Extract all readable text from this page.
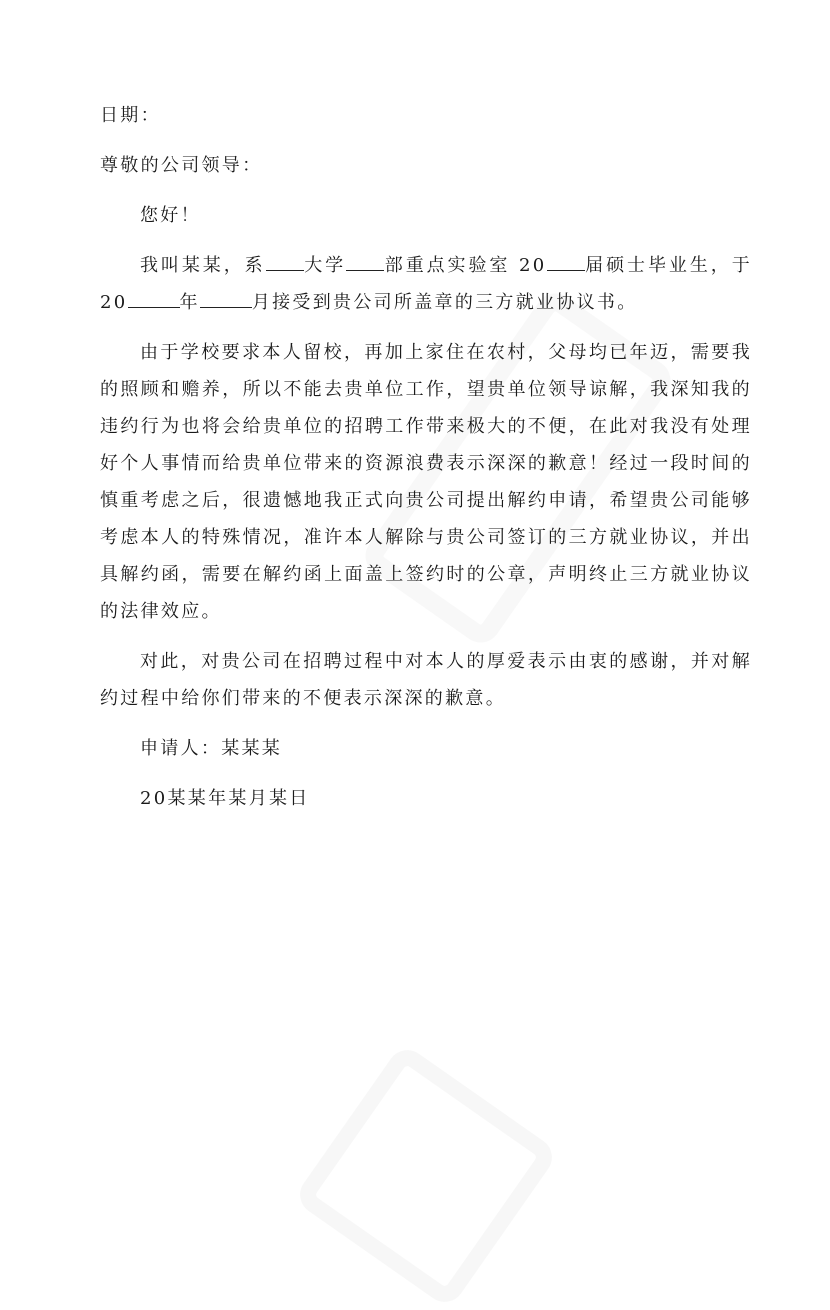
日期：

尊敬的公司领导：

您好！

我叫某某，系 大学 部重点实验室 20 届硕士毕业生，于 20	年	月接受到贵公司所盖章的三方就业协议书。

由于学校要求本人留校，再加上家住在农村，父母均已年迈，需要我的照顾和赡养，所以不能去贵单位工作，望贵单位领导谅解，我深知我的违约行为也将会给贵单位的招聘工作带来极大的不便，在此对我没有处理好个人事情而给贵单位带来的资源浪费表示深深的歉意！经过一段时间的慎重考虑之后，很遗憾地我正式向贵公司提出解约申请，希望贵公司能够考虑本人的特殊情况，准许本人解除与贵公司签订的三方就业协议，并出具解约函，需要在解约函上面盖上签约时的公章，声明终止三方就业协议的法律效应。

对此，对贵公司在招聘过程中对本人的厚爱表示由衷的感谢，并对解约过程中给你们带来的不便表示深深的歉意。

申请人：某某某

20某某年某月某日
